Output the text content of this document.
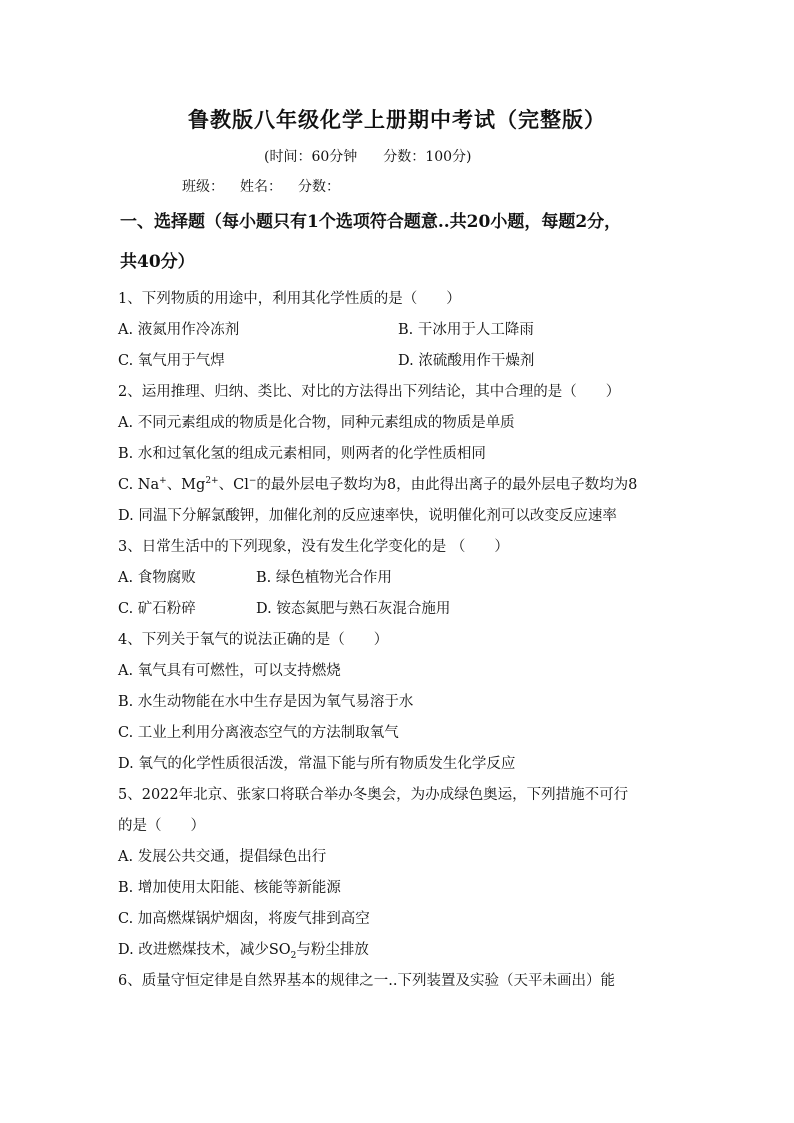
鲁教版八年级化学上册期中考试（完整版）
(时间：60分钟 分数：100分)
班级： 姓名： 分数：
一、选择题（每小题只有1个选项符合题意..共20小题，每题2分，
共40分）
1、下列物质的用途中，利用其化学性质的是（　　）
A. 液氮用作冷冻剂	B. 干冰用于人工降雨
C. 氧气用于气焊	D. 浓硫酸用作干燥剂
2、运用推理、归纳、类比、对比的方法得出下列结论，其中合理的是（　　）
A. 不同元素组成的物质是化合物，同种元素组成的物质是单质
B. 水和过氧化氢的组成元素相同，则两者的化学性质相同
C. Na+、$Mg^{2+}$、Cl−的最外层电子数均为8，由此得出离子的最外层电子数均为8
D. 同温下分解氯酸钾，加催化剂的反应速率快，说明催化剂可以改变反应速率
3、日常生活中的下列现象，没有发生化学变化的是 （　　）
A. 食物腐败	B. 绿色植物光合作用
C. 矿石粉碎	D. 铵态氮肥与熟石灰混合施用
4、下列关于氧气的说法正确的是（　　）
A. 氧气具有可燃性，可以支持燃烧
B. 水生动物能在水中生存是因为氧气易溶于水
C. 工业上利用分离液态空气的方法制取氧气
D. 氧气的化学性质很活泼，常温下能与所有物质发生化学反应
5、2022年北京、张家口将联合举办冬奥会，为办成绿色奥运，下列措施不可行
的是（　　）
A. 发展公共交通，提倡绿色出行
B. 增加使用太阳能、核能等新能源
C. 加高燃煤锅炉烟囱，将废气排到高空
D. 改进燃煤技术，减少$SO_2$与粉尘排放
6、质量守恒定律是自然界基本的规律之一..下列装置及实验（天平未画出）能
